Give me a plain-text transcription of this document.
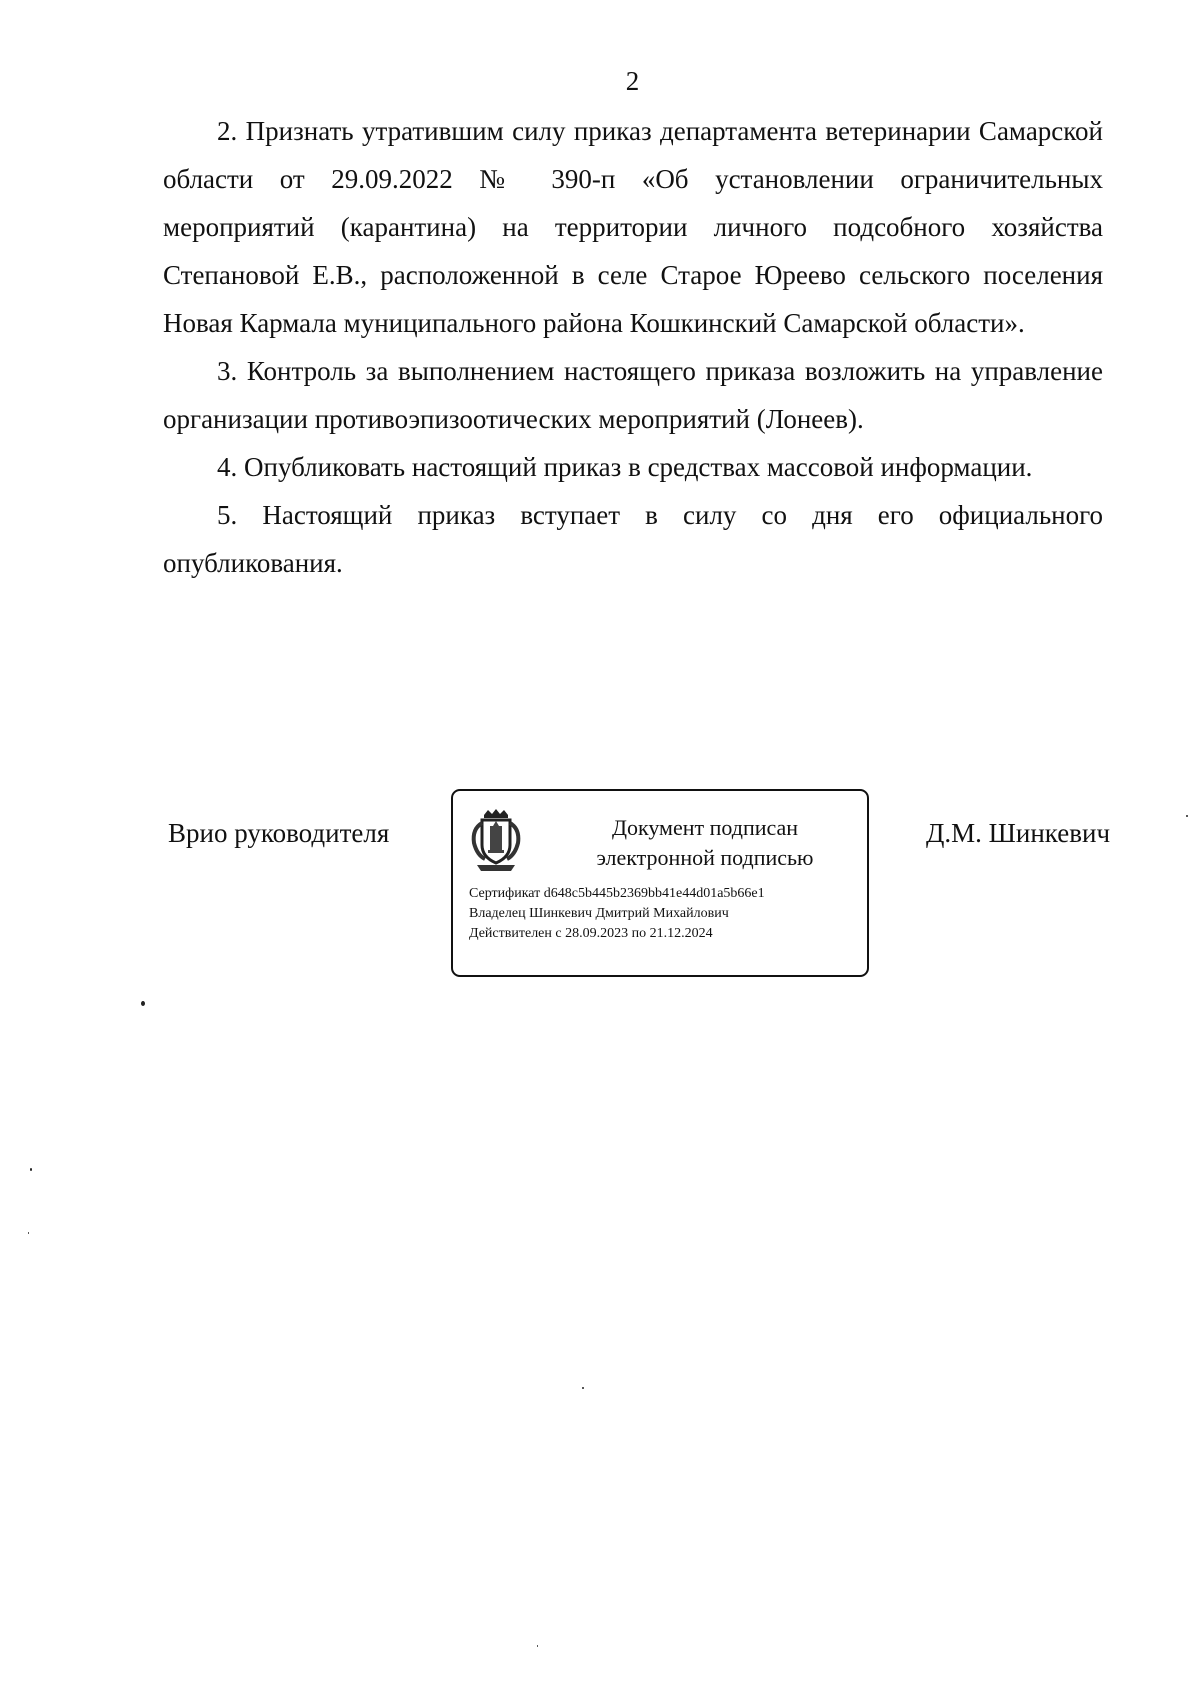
2

2. Признать утратившим силу приказ департамента ветеринарии Самарской области от 29.09.2022 № 390-п «Об установлении ограничительных мероприятий (карантина) на территории личного подсобного хозяйства Степановой Е.В., расположенной в селе Старое Юреево сельского поселения Новая Кармала муниципального района Кошкинский Самарской области».

3. Контроль за выполнением настоящего приказа возложить на управление организации противоэпизоотических мероприятий (Лонеев).

4. Опубликовать настоящий приказ в средствах массовой информации.

5. Настоящий приказ вступает в силу со дня его официального опубликования.

Врио руководителя	Документ подписан
электронной подписью
Сертификат d648c5b445b2369bb41e44d01a5b66e1
Владелец Шинкевич Дмитрий Михайлович
Действителен с 28.09.2023 по 21.12.2024
Д.М. Шинкевич
